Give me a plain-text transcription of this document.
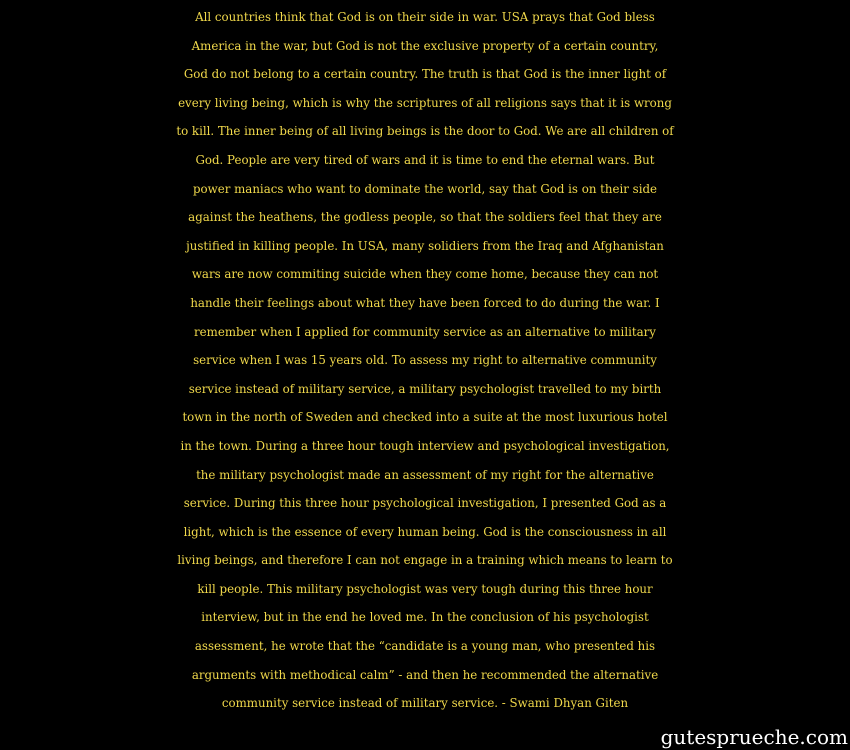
All countries think that God is on their side in war. USA prays that God bless
America in the war, but God is not the exclusive property of a certain country,
God do not belong to a certain country. The truth is that God is the inner light of
every living being, which is why the scriptures of all religions says that it is wrong
to kill. The inner being of all living beings is the door to God. We are all children of
God. People are very tired of wars and it is time to end the eternal wars. But
power maniacs who want to dominate the world, say that God is on their side
against the heathens, the godless people, so that the soldiers feel that they are
justified in killing people. In USA, many solidiers from the Iraq and Afghanistan
wars are now commiting suicide when they come home, because they can not
handle their feelings about what they have been forced to do during the war. I
remember when I applied for community service as an alternative to military
service when I was 15 years old. To assess my right to alternative community
service instead of military service, a military psychologist travelled to my birth
town in the north of Sweden and checked into a suite at the most luxurious hotel
in the town. During a three hour tough interview and psychological investigation,
the military psychologist made an assessment of my right for the alternative
service. During this three hour psychological investigation, I presented God as a
light, which is the essence of every human being. God is the consciousness in all
living beings, and therefore I can not engage in a training which means to learn to
kill people. This military psychologist was very tough during this three hour
interview, but in the end he loved me. In the conclusion of his psychologist
assessment, he wrote that the “candidate is a young man, who presented his
arguments with methodical calm” - and then he recommended the alternative
community service instead of military service. - Swami Dhyan Giten

gutesprueche.com
